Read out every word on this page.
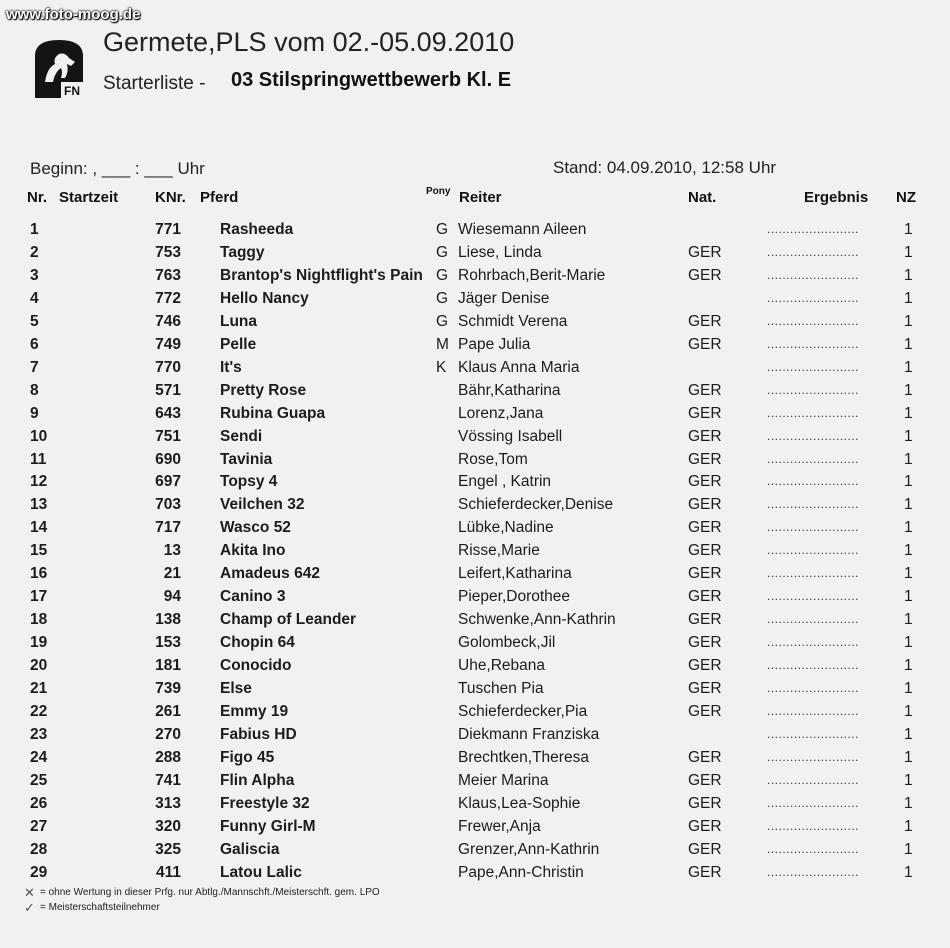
www.foto-moog.de
FN
Germete,PLS vom 02.-05.09.2010
Starterliste - 03 Stilspringwettbewerb Kl. E
Beginn: , ___ : ___ Uhr	Stand: 04.09.2010, 12:58 Uhr
Nr. Startzeit KNr. Pferd	Pony Reiter	Nat.	Ergebnis NZ
1	771	Rasheeda	G Wiesemann Aileen	1
........................
2	753	Taggy	G Liese, Linda	GER	1
........................
3	763	Brantop's Nightflight's Pain G Rohrbach,Berit-Marie	GER	1
........................
4	772	Hello Nancy	G Jäger Denise	1
........................
5	746	Luna	G Schmidt Verena	GER	1
........................
6	749	Pelle	M Pape Julia	GER	1
........................
7	770	It's	K Klaus Anna Maria	1
........................
8	571	Pretty Rose	Bähr,Katharina	GER	1
........................
9	643	Rubina Guapa	Lorenz,Jana	GER	1
........................
10	751	Sendi	Vössing Isabell	GER	1
........................
11	690	Tavinia	Rose,Tom	GER	1
........................
12	697	Topsy 4	Engel , Katrin	GER	1
........................
13	703	Veilchen 32	Schieferdecker,Denise	GER	1
........................
14	717	Wasco 52	Lübke,Nadine	GER	1
........................
15	13	Akita Ino	Risse,Marie	GER	1
........................
16	21	Amadeus 642	Leifert,Katharina	GER	1
........................
17	94	Canino 3	Pieper,Dorothee	GER	1
........................
18	138	Champ of Leander	Schwenke,Ann-Kathrin	GER	1
........................
19	153	Chopin 64	Golombeck,Jil	GER	1
........................
20	181	Conocido	Uhe,Rebana	GER	1
........................
21	739	Else	Tuschen Pia	GER	1
........................
22	261	Emmy 19	Schieferdecker,Pia	GER	1
........................
23	270	Fabius HD	Diekmann Franziska	1
........................
24	288	Figo 45	Brechtken,Theresa	GER	1
........................
25	741	Flin Alpha	Meier Marina	GER	1
........................
26	313	Freestyle 32	Klaus,Lea-Sophie	GER	1
........................
27	320	Funny Girl-M	Frewer,Anja	GER	1
........................
28	325	Galiscia	Grenzer,Ann-Kathrin	GER	1
........................
29	411	Latou Lalic	Pape,Ann-Christin	GER	1
........................
✕ = ohne Wertung in dieser Prfg. nur Abtlg./Mannschft./Meisterschft. gem. LPO
✓ = Meisterschaftsteilnehmer
